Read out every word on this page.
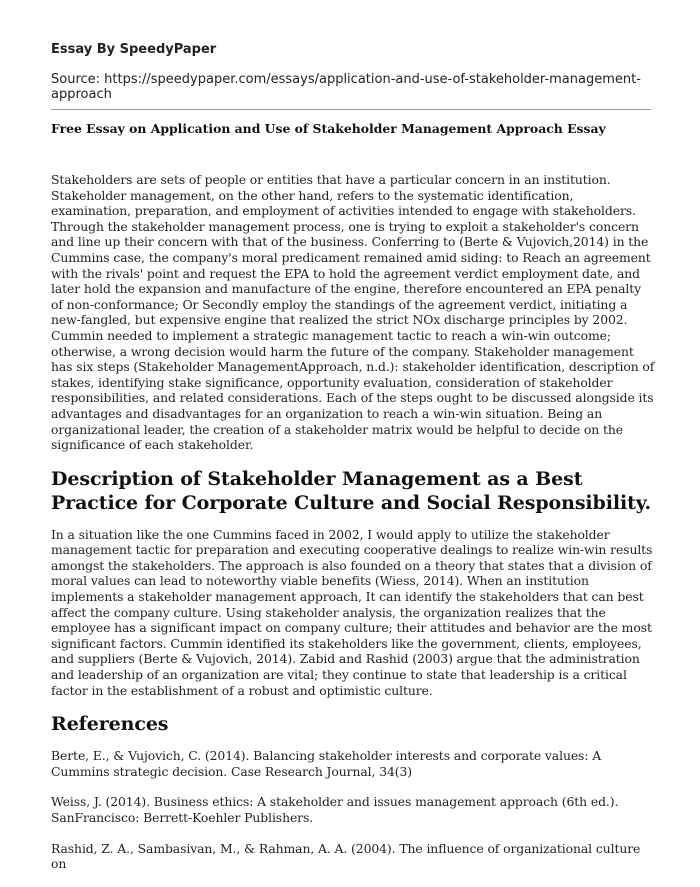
Essay By SpeedyPaper
Source: https://speedypaper.com/essays/application-and-use-of-stakeholder-management-approach
Free Essay on Application and Use of Stakeholder Management Approach Essay

Stakeholders are sets of people or entities that have a particular concern in an institution. Stakeholder management, on the other hand, refers to the systematic identification, examination, preparation, and employment of activities intended to engage with stakeholders. Through the stakeholder management process, one is trying to exploit a stakeholder's concern and line up their concern with that of the business. Conferring to (Berte & Vujovich,2014) in the Cummins case, the company's moral predicament remained amid siding: to Reach an agreement with the rivals' point and request the EPA to hold the agreement verdict employment date, and later hold the expansion and manufacture of the engine, therefore encountered an EPA penalty of non-conformance; Or Secondly employ the standings of the agreement verdict, initiating a new-fangled, but expensive engine that realized the strict NOx discharge principles by 2002. Cummin needed to implement a strategic management tactic to reach a win-win outcome; otherwise, a wrong decision would harm the future of the company. Stakeholder management has six steps (Stakeholder ManagementApproach, n.d.): stakeholder identification, description of stakes, identifying stake significance, opportunity evaluation, consideration of stakeholder responsibilities, and related considerations. Each of the steps ought to be discussed alongside its advantages and disadvantages for an organization to reach a win-win situation. Being an organizational leader, the creation of a stakeholder matrix would be helpful to decide on the significance of each stakeholder.

Description of Stakeholder Management as a Best Practice for Corporate Culture and Social Responsibility.

In a situation like the one Cummins faced in 2002, I would apply to utilize the stakeholder management tactic for preparation and executing cooperative dealings to realize win-win results amongst the stakeholders. The approach is also founded on a theory that states that a division of moral values can lead to noteworthy viable benefits (Wiess, 2014). When an institution implements a stakeholder management approach, It can identify the stakeholders that can best affect the company culture. Using stakeholder analysis, the organization realizes that the employee has a significant impact on company culture; their attitudes and behavior are the most significant factors. Cummin identified its stakeholders like the government, clients, employees, and suppliers (Berte & Vujovich, 2014). Zabid and Rashid (2003) argue that the administration and leadership of an organization are vital; they continue to state that leadership is a critical factor in the establishment of a robust and optimistic culture.

References

Berte, E., & Vujovich, C. (2014). Balancing stakeholder interests and corporate values: A Cummins strategic decision. Case Research Journal, 34(3)

Weiss, J. (2014). Business ethics: A stakeholder and issues management approach (6th ed.). SanFrancisco: Berrett-Koehler Publishers.

Rashid, Z. A., Sambasivan, M., & Rahman, A. A. (2004). The influence of organizational culture on
